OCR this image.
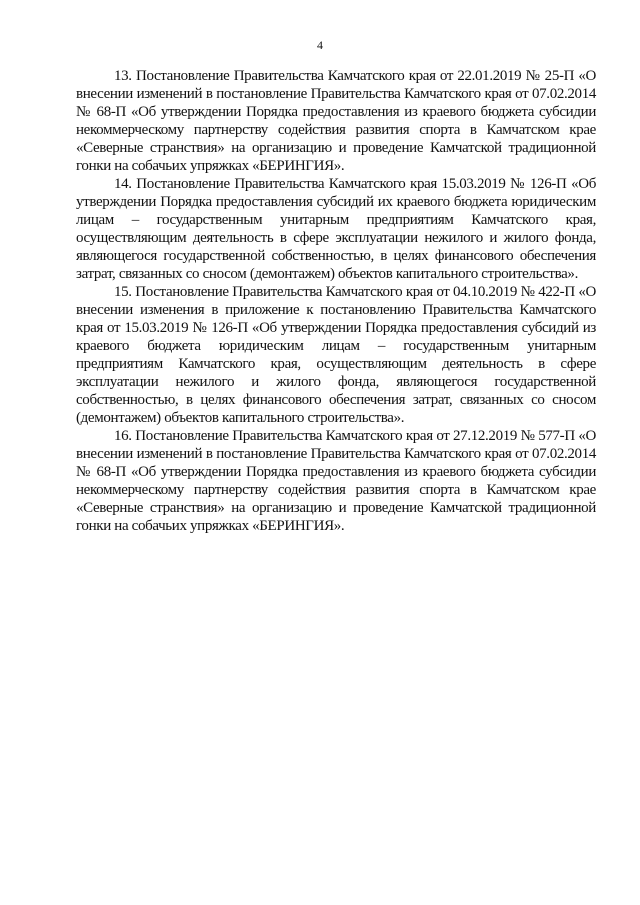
4

13. Постановление Правительства Камчатского края от 22.01.2019 № 25-П «О внесении изменений в постановление Правительства Камчатского края от 07.02.2014 № 68-П «Об утверждении Порядка предоставления из краевого бюджета субсидии некоммерческому партнерству содействия развития спорта в Камчатском крае «Северные странствия» на организацию и проведение Камчатской традиционной гонки на собачьих упряжках «БЕРИНГИЯ».

14. Постановление Правительства Камчатского края 15.03.2019 № 126-П «Об утверждении Порядка предоставления субсидий их краевого бюджета юридическим лицам – государственным унитарным предприятиям Камчатского края, осуществляющим деятельность в сфере эксплуатации нежилого и жилого фонда, являющегося государственной собственностью, в целях финансового обеспечения затрат, связанных со сносом (демонтажем) объектов капитального строительства».

15. Постановление Правительства Камчатского края от 04.10.2019 № 422-П «О внесении изменения в приложение к постановлению Правительства Камчатского края от 15.03.2019 № 126-П «Об утверждении Порядка предоставления субсидий из краевого бюджета юридическим лицам – государственным унитарным предприятиям Камчатского края, осуществляющим деятельность в сфере эксплуатации нежилого и жилого фонда, являющегося государственной собственностью, в целях финансового обеспечения затрат, связанных со сносом (демонтажем) объектов капитального строительства».

16. Постановление Правительства Камчатского края от 27.12.2019 № 577-П «О внесении изменений в постановление Правительства Камчатского края от 07.02.2014 № 68-П «Об утверждении Порядка предоставления из краевого бюджета субсидии некоммерческому партнерству содействия развития спорта в Камчатском крае «Северные странствия» на организацию и проведение Камчатской традиционной гонки на собачьих упряжках «БЕРИНГИЯ».
